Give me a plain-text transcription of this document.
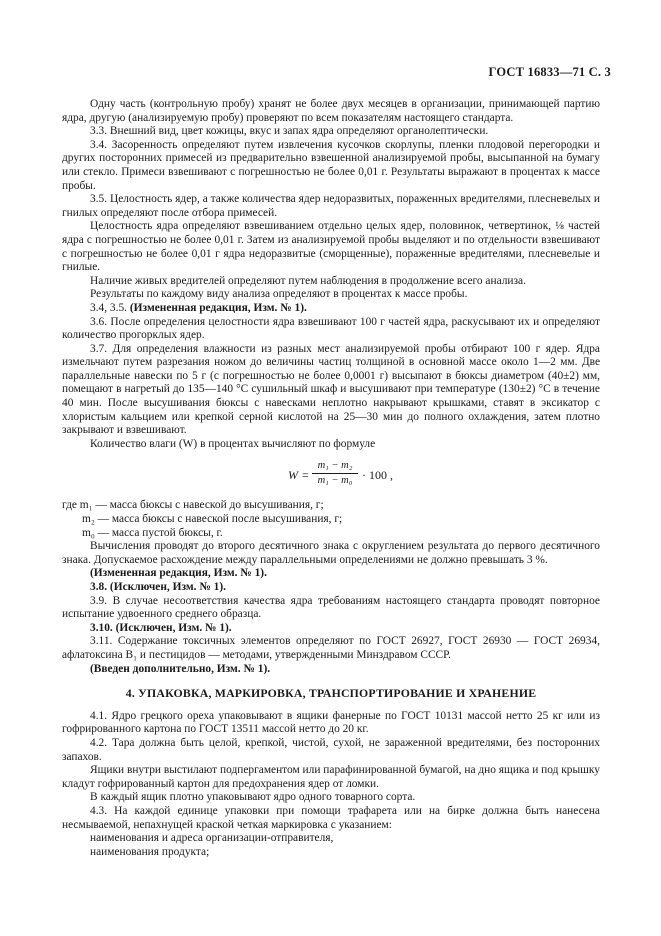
ГОСТ 16833—71 С. 3

Одну часть (контрольную пробу) хранят не более двух месяцев в организации, принимающей партию ядра, другую (анализируемую пробу) проверяют по всем показателям настоящего стандарта.

3.3. Внешний вид, цвет кожицы, вкус и запах ядра определяют органолептически.

3.4. Засоренность определяют путем извлечения кусочков скорлупы, пленки плодовой перегородки и других посторонних примесей из предварительно взвешенной анализируемой пробы, высыпанной на бумагу или стекло. Примеси взвешивают с погрешностью не более 0,01 г. Результаты выражают в процентах к массе пробы.

3.5. Целостность ядер, а также количества ядер недоразвитых, пораженных вредителями, плесневелых и гнилых определяют после отбора примесей.

Целостность ядра определяют взвешиванием отдельно целых ядер, половинок, четвертинок, ⅛ частей ядра с погрешностью не более 0,01 г. Затем из анализируемой пробы выделяют и по отдельности взвешивают с погрешностью не более 0,01 г ядра недоразвитые (сморщенные), пораженные вредителями, плесневелые и гнилые.

Наличие живых вредителей определяют путем наблюдения в продолжение всего анализа.

Результаты по каждому виду анализа определяют в процентах к массе пробы.

3.4, 3.5. (Измененная редакция, Изм. № 1).

3.6. После определения целостности ядра взвешивают 100 г частей ядра, раскусывают их и определяют количество прогорклых ядер.

3.7. Для определения влажности из разных мест анализируемой пробы отбирают 100 г ядер. Ядра измельчают путем разрезания ножом до величины частиц толщиной в основной массе около 1—2 мм. Две параллельные навески по 5 г (с погрешностью не более 0,0001 г) высыпают в бюксы диаметром (40±2) мм, помещают в нагретый до 135—140 °С сушильный шкаф и высушивают при температуре (130±2) °С в течение 40 мин. После высушивания бюксы с навесками неплотно накрывают крышками, ставят в эксикатор с хлористым кальцием или крепкой серной кислотой на 25—30 мин до полного охлаждения, затем плотно закрывают и взвешивают.

Количество влаги (W) в процентах вычисляют по формуле

$W = \frac{\text{m₁ − m₂}}{\text{m₁ − m₀}} \cdot 100$ ,

где m₁ — масса бюксы с навеской до высушивания, г;

m₂ — масса бюксы с навеской после высушивания, г;

m₀ — масса пустой бюксы, г.

Вычисления проводят до второго десятичного знака с округлением результата до первого десятичного знака. Допускаемое расхождение между параллельными определениями не должно превышать 3 %.

(Измененная редакция, Изм. № 1).

3.8. (Исключен, Изм. № 1).

3.9. В случае несоответствия качества ядра требованиям настоящего стандарта проводят повторное испытание удвоенного среднего образца.

3.10. (Исключен, Изм. № 1).

3.11. Содержание токсичных элементов определяют по ГОСТ 26927, ГОСТ 26930 — ГОСТ 26934, афлатоксина B₁ и пестицидов — методами, утвержденными Минздравом СССР.

(Введен дополнительно, Изм. № 1).

4. УПАКОВКА, МАРКИРОВКА, ТРАНСПОРТИРОВАНИЕ И ХРАНЕНИЕ

4.1. Ядро грецкого ореха упаковывают в ящики фанерные по ГОСТ 10131 массой нетто 25 кг или из гофрированного картона по ГОСТ 13511 массой нетто до 20 кг.

4.2. Тара должна быть целой, крепкой, чистой, сухой, не зараженной вредителями, без посторонних запахов.

Ящики внутри выстилают подпергаментом или парафинированной бумагой, на дно ящика и под крышку кладут гофрированный картон для предохранения ядер от ломки.

В каждый ящик плотно упаковывают ядро одного товарного сорта.

4.3. На каждой единице упаковки при помощи трафарета или на бирке должна быть нанесена несмываемой, непахнущей краской четкая маркировка с указанием:

наименования и адреса организации-отправителя,

наименования продукта;
